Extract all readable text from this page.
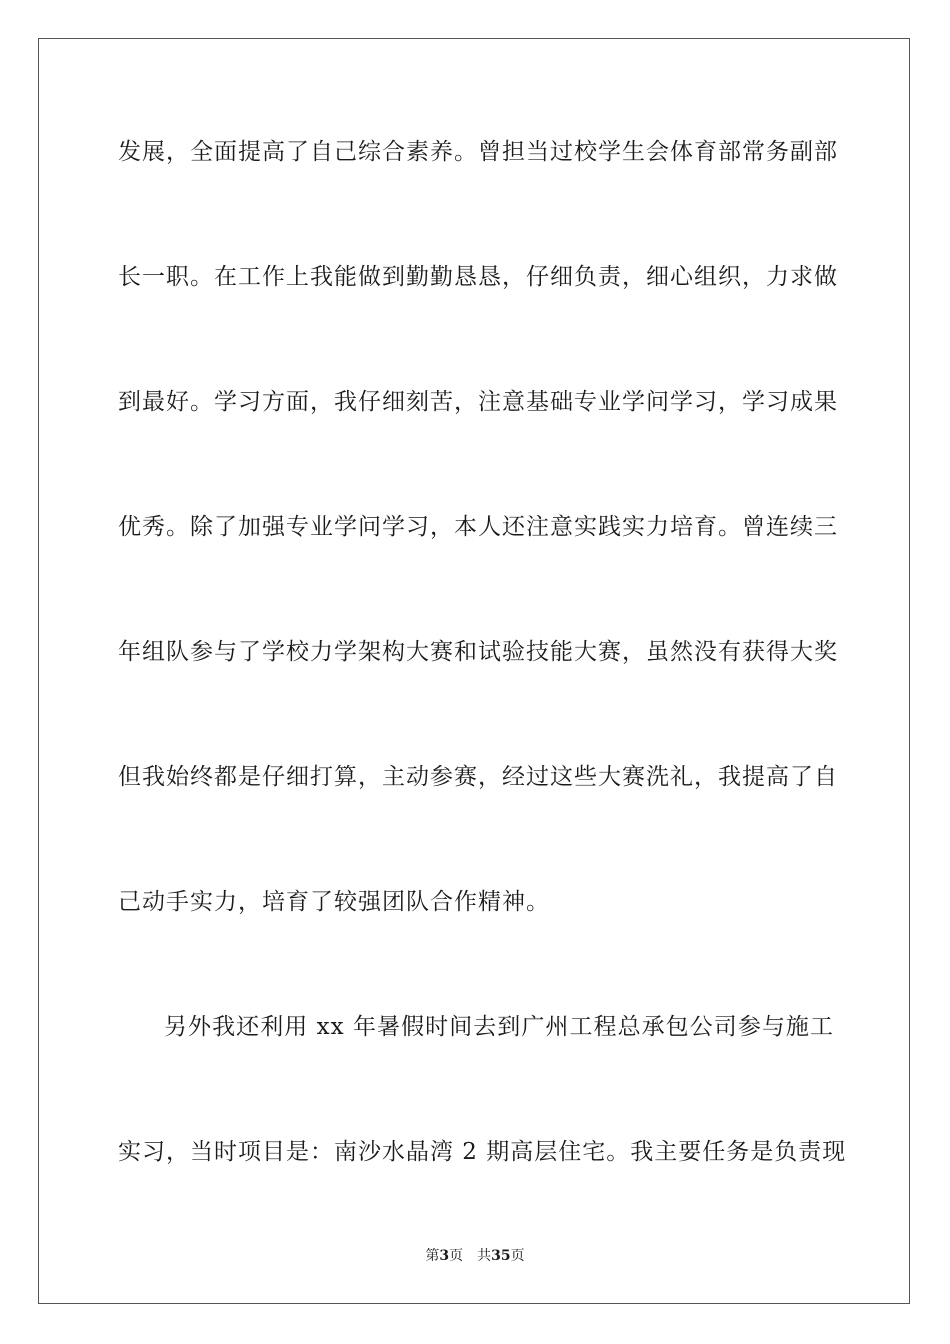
发展，全面提高了自己综合素养。曾担当过校学生会体育部常务副部
长一职。在工作上我能做到勤勤恳恳，仔细负责，细心组织，力求做
到最好。学习方面，我仔细刻苦，注意基础专业学问学习，学习成果
优秀。除了加强专业学问学习，本人还注意实践实力培育。曾连续三
年组队参与了学校力学架构大赛和试验技能大赛，虽然没有获得大奖
但我始终都是仔细打算，主动参赛，经过这些大赛洗礼，我提高了自
己动手实力，培育了较强团队合作精神。
另外我还利用 xx 年暑假时间去到广州工程总承包公司参与施工
实习，当时项目是：南沙水晶湾 2 期高层住宅。我主要任务是负责现
第3页 共35页
